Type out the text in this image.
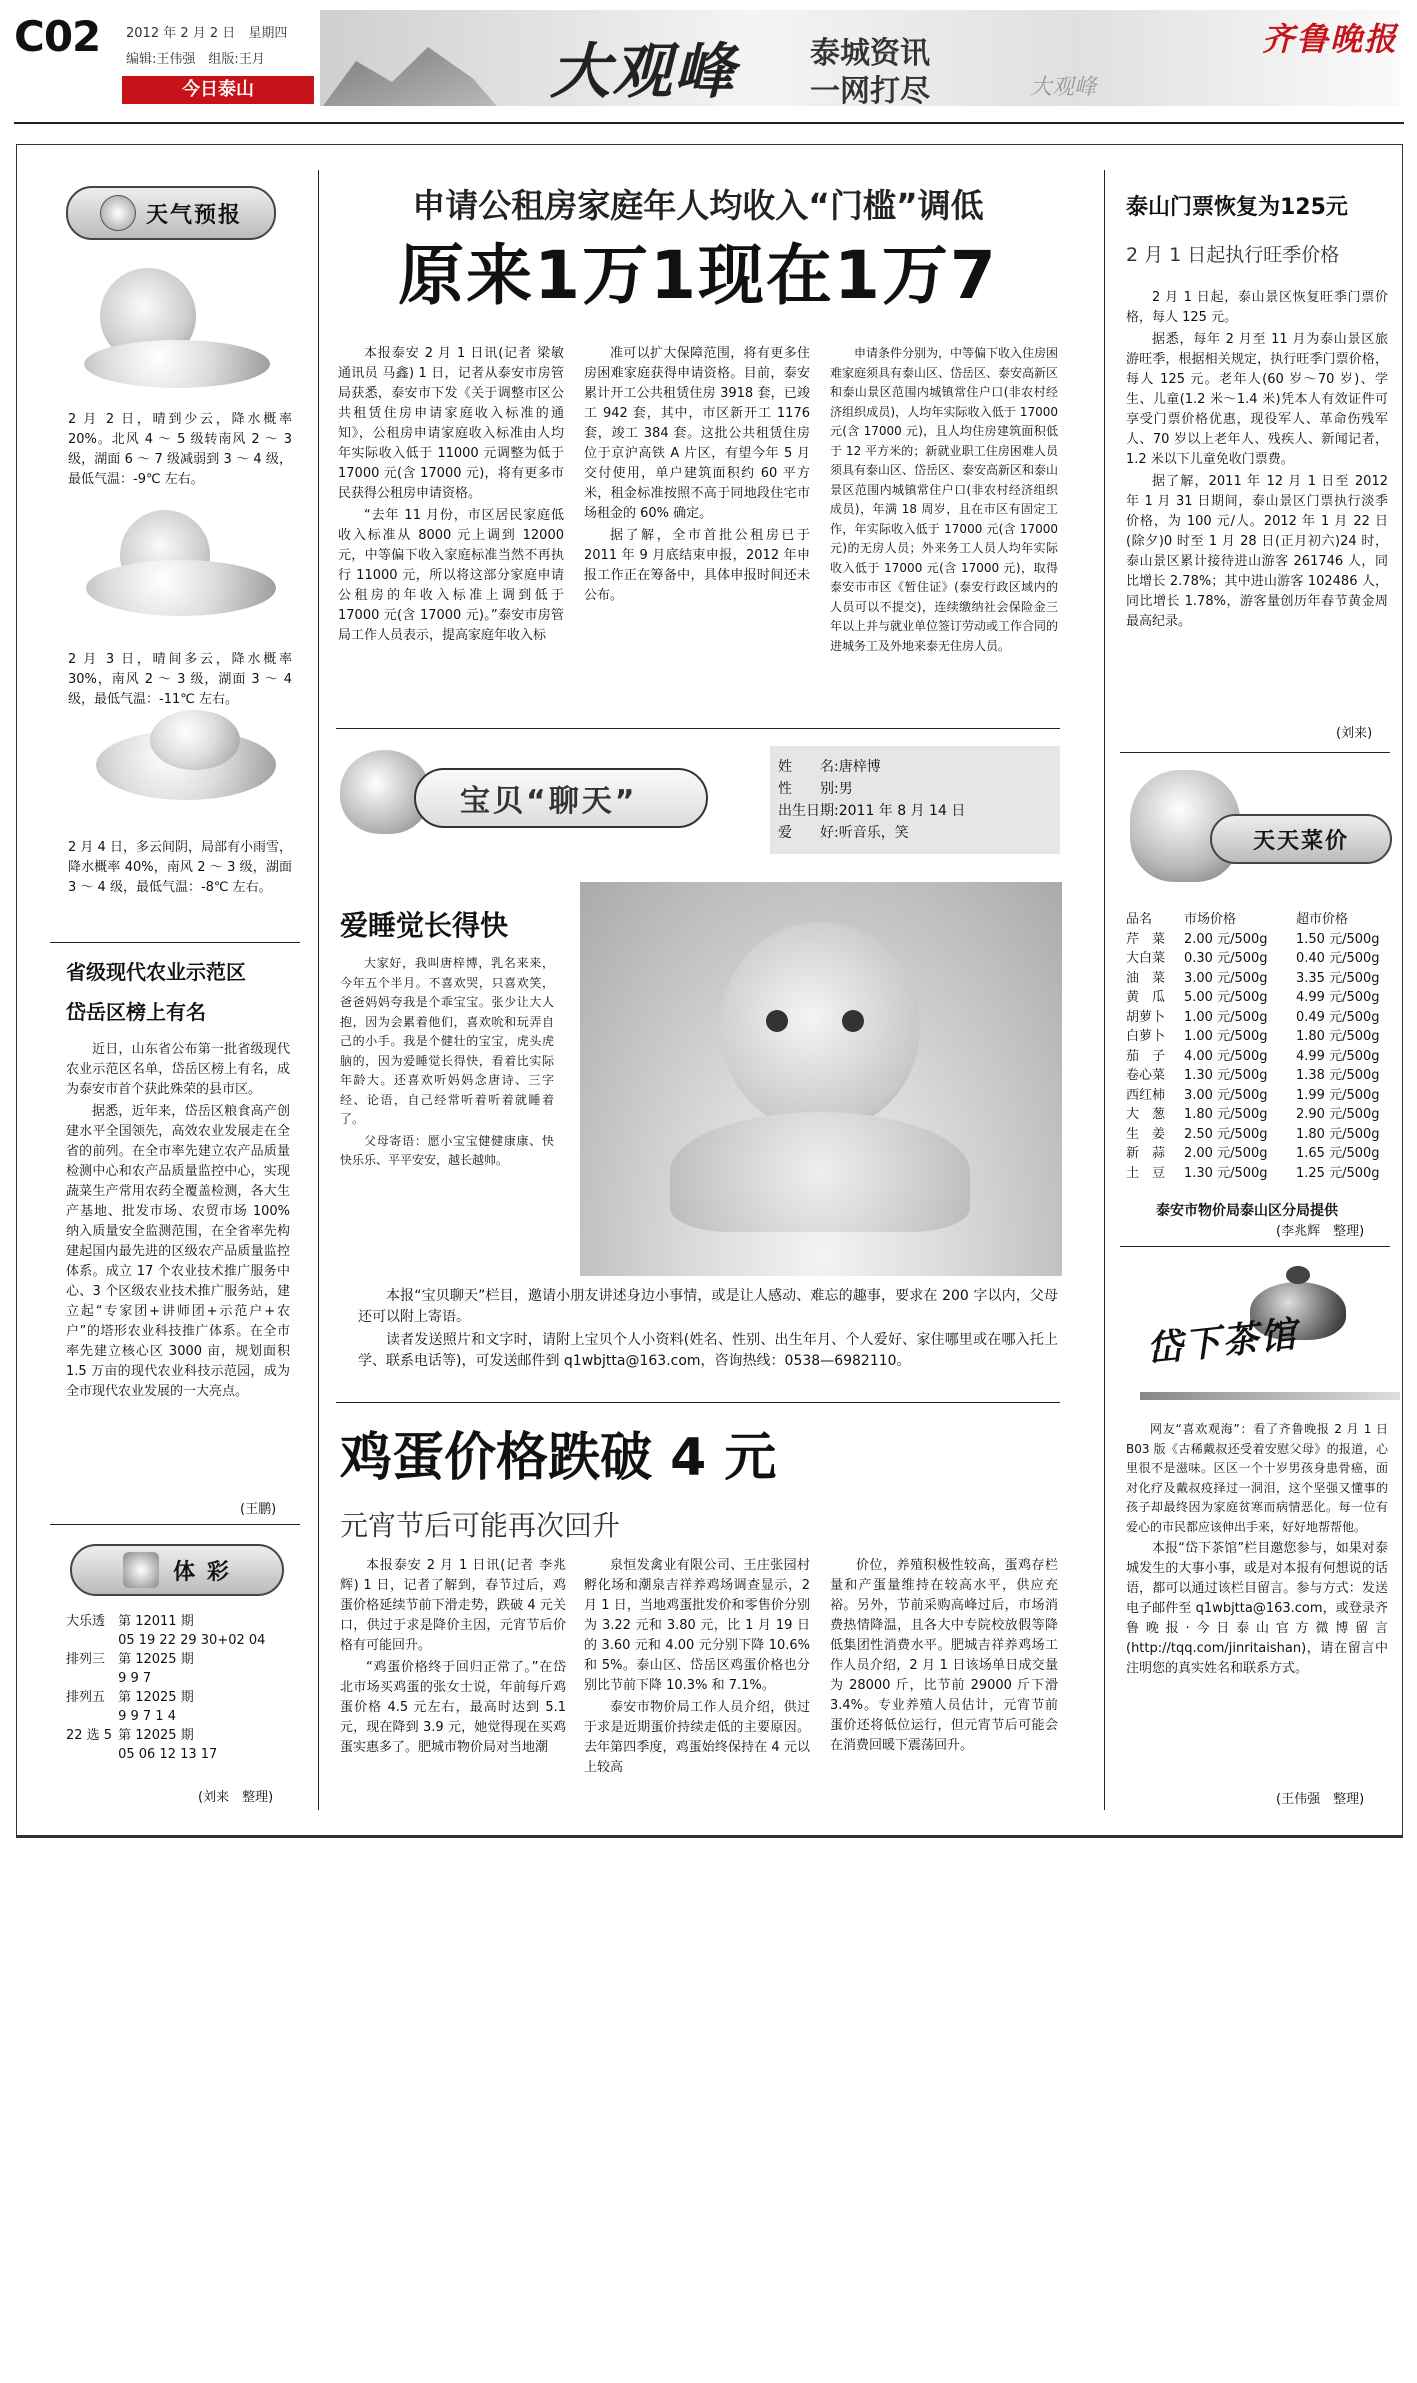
C02 2012 年 2 月 2 日　 星期四
编辑:王伟强　 组版:王月
今日泰山	大观峰 泰城资讯
一网打尽	大观峰
齐鲁晚报
天气预报
2 月 2 日，晴到少云，降水概率 20%。北风 4 ～ 5 级转南风 2 ～ 3 级，湖面 6 ～ 7 级减弱到 3 ～ 4 级，最低气温：-9℃ 左右。
2 月 3 日，晴间多云，降水概率 30%，南风 2 ～ 3 级，湖面 3 ～ 4 级，最低气温：-11℃ 左右。
2 月 4 日，多云间阴，局部有小雨雪，降水概率 40%，南风 2 ～ 3 级，湖面 3 ～ 4 级，最低气温：-8℃ 左右。
省级现代农业示范区
岱岳区榜上有名

近日，山东省公布第一批省级现代农业示范区名单，岱岳区榜上有名，成为泰安市首个获此殊荣的县市区。

据悉，近年来，岱岳区粮食高产创建水平全国领先，高效农业发展走在全省的前列。在全市率先建立农产品质量检测中心和农产品质量监控中心，实现蔬菜生产常用农药全覆盖检测，各大生产基地、批发市场、农贸市场 100% 纳入质量安全监测范围，在全省率先构建起国内最先进的区级农产品质量监控体系。成立 17 个农业技术推广服务中心、3 个区级农业技术推广服务站，建立起“专家团+讲师团+示范户+农户”的塔形农业科技推广体系。在全市率先建立核心区 3000 亩，规划面积 1.5 万亩的现代农业科技示范园，成为全市现代农业发展的一大亮点。

(王鹏)
体 彩
大乐透	第 12011 期
	05 19 22 29 30+02 04
排列三	第 12025 期
	9 9 7
排列五	第 12025 期
	9 9 7 1 4
22 选 5	第 12025 期
	05 06 12 13 17
(刘来　整理)
申请公租房家庭年人均收入“门槛”调低
原来1万1现在1万7

本报泰安 2 月 1 日讯(记者 梁敏 通讯员 马鑫) 1 日，记者从泰安市房管局获悉，泰安市下发《关于调整市区公共租赁住房申请家庭收入标准的通知》，公租房申请家庭收入标准由人均年实际收入低于 11000 元调整为低于 17000 元(含 17000 元)，将有更多市民获得公租房申请资格。

“去年 11 月份，市区居民家庭低收入标准从 8000 元上调到 12000 元，中等偏下收入家庭标准当然不再执行 11000 元，所以将这部分家庭申请公租房的年收入标准上调到低于 17000 元(含 17000 元)。”泰安市房管局工作人员表示，提高家庭年收入标

准可以扩大保障范围，将有更多住房困难家庭获得申请资格。目前，泰安累计开工公共租赁住房 3918 套，已竣工 942 套，其中，市区新开工 1176 套，竣工 384 套。这批公共租赁住房位于京沪高铁 A 片区，有望今年 5 月交付使用，单户建筑面积约 60 平方米，租金标准按照不高于同地段住宅市场租金的 60% 确定。

据了解，全市首批公租房已于 2011 年 9 月底结束申报，2012 年申报工作正在筹备中，具体申报时间还未公布。

申请条件分别为，中等偏下收入住房困难家庭须具有泰山区、岱岳区、泰安高新区和泰山景区范围内城镇常住户口(非农村经济组织成员)，人均年实际收入低于 17000 元(含 17000 元)，且人均住房建筑面积低于 12 平方米的；新就业职工住房困难人员须具有泰山区、岱岳区、泰安高新区和泰山景区范围内城镇常住户口(非农村经济组织成员)，年满 18 周岁，且在市区有固定工作，年实际收入低于 17000 元(含 17000 元)的无房人员；外来务工人员人均年实际收入低于 17000 元(含 17000 元)，取得泰安市市区《暂住证》(泰安行政区域内的人员可以不提交)，连续缴纳社会保险金三年以上并与就业单位签订劳动或工作合同的进城务工及外地来泰无住房人员。

宝贝“聊天”
姓　　名:唐梓博
性　　别:男
出生日期:2011 年 8 月 14 日
爱　　好:听音乐，笑
爱睡觉长得快

大家好，我叫唐梓博，乳名来来，今年五个半月。不喜欢哭，只喜欢笑，爸爸妈妈夸我是个乖宝宝。张少让大人抱，因为会累着他们，喜欢吮和玩弄自己的小手。我是个健壮的宝宝，虎头虎脑的，因为爱睡觉长得快，看着比实际年龄大。还喜欢听妈妈念唐诗、三字经、论语，自己经常听着听着就睡着了。

父母寄语：愿小宝宝健健康康、快快乐乐、平平安安，越长越帅。

本报“宝贝聊天”栏目，邀请小朋友讲述身边小事情，或是让人感动、难忘的趣事，要求在 200 字以内，父母还可以附上寄语。

读者发送照片和文字时，请附上宝贝个人小资料(姓名、性别、出生年月、个人爱好、家住哪里或在哪入托上学、联系电话等)，可发送邮件到 q1wbjtta@163.com，咨询热线：0538—6982110。

鸡蛋价格跌破 4 元
元宵节后可能再次回升

本报泰安 2 月 1 日讯(记者 李兆辉) 1 日，记者了解到，春节过后，鸡蛋价格延续节前下滑走势，跌破 4 元关口，供过于求是降价主因，元宵节后价格有可能回升。

“鸡蛋价格终于回归正常了。”在岱北市场买鸡蛋的张女士说，年前每斤鸡蛋价格 4.5 元左右，最高时达到 5.1 元，现在降到 3.9 元，她觉得现在买鸡蛋实惠多了。肥城市物价局对当地潮

泉恒发禽业有限公司、王庄张园村孵化场和潮泉吉祥养鸡场调查显示，2 月 1 日，当地鸡蛋批发价和零售价分别为 3.22 元和 3.80 元，比 1 月 19 日的 3.60 元和 4.00 元分别下降 10.6% 和 5%。泰山区、岱岳区鸡蛋价格也分别比节前下降 10.3% 和 7.1%。

泰安市物价局工作人员介绍，供过于求是近期蛋价持续走低的主要原因。去年第四季度，鸡蛋始终保持在 4 元以上较高

价位，养殖积极性较高，蛋鸡存栏量和产蛋量维持在较高水平，供应充裕。另外，节前采购高峰过后，市场消费热情降温，且各大中专院校放假等降低集团性消费水平。肥城吉祥养鸡场工作人员介绍，2 月 1 日该场单日成交量为 28000 斤，比节前 29000 斤下滑 3.4%。专业养殖人员估计，元宵节前蛋价还将低位运行，但元宵节后可能会在消费回暖下震荡回升。

泰山门票恢复为125元
2 月 1 日起执行旺季价格

2 月 1 日起，泰山景区恢复旺季门票价格，每人 125 元。

据悉，每年 2 月至 11 月为泰山景区旅游旺季，根据相关规定，执行旺季门票价格，每人 125 元。老年人(60 岁～70 岁)、学生、儿童(1.2 米～1.4 米)凭本人有效证件可享受门票价格优惠，现役军人、革命伤残军人、70 岁以上老年人、残疾人、新闻记者，1.2 米以下儿童免收门票费。

据了解，2011 年 12 月 1 日至 2012 年 1 月 31 日期间，泰山景区门票执行淡季价格，为 100 元/人。2012 年 1 月 22 日(除夕)0 时至 1 月 28 日(正月初六)24 时，泰山景区累计接待进山游客 261746 人，同比增长 2.78%；其中进山游客 102486 人，同比增长 1.78%，游客量创历年春节黄金周最高纪录。

(刘来)
天天菜价
品名	市场价格	超市价格
芹　菜	2.00 元/500g	1.50 元/500g
大白菜	0.30 元/500g	0.40 元/500g
油　菜	3.00 元/500g	3.35 元/500g
黄　瓜	5.00 元/500g	4.99 元/500g
胡萝卜	1.00 元/500g	0.49 元/500g
白萝卜	1.00 元/500g	1.80 元/500g
茄　子	4.00 元/500g	4.99 元/500g
卷心菜	1.30 元/500g	1.38 元/500g
西红柿	3.00 元/500g	1.99 元/500g
大　葱	1.80 元/500g	2.90 元/500g
生　姜	2.50 元/500g	1.80 元/500g
新　蒜	2.00 元/500g	1.65 元/500g
土　豆	1.30 元/500g	1.25 元/500g
泰安市物价局泰山区分局提供
(李兆辉　整理)
岱下茶馆

网友“喜欢观海”：看了齐鲁晚报 2 月 1 日 B03 版《古稀戴叔还受着安慰父母》的报道，心里很不是滋味。区区一个十岁男孩身患骨癌，面对化疗及戴叔疫择过一洞泪，这个坚强又懂事的孩子却最终因为家庭贫寒而病情恶化。每一位有爱心的市民都应该伸出手来，好好地帮帮他。

本报“岱下茶馆”栏目邀您参与，如果对泰城发生的大事小事，或是对本报有何想说的话语，都可以通过该栏目留言。参与方式：发送电子邮件至 q1wbjtta@163.com，或登录齐鲁晚报·今日泰山官方微博留言(http://tqq.com/jinritaishan)，请在留言中注明您的真实姓名和联系方式。

(王伟强　整理)
